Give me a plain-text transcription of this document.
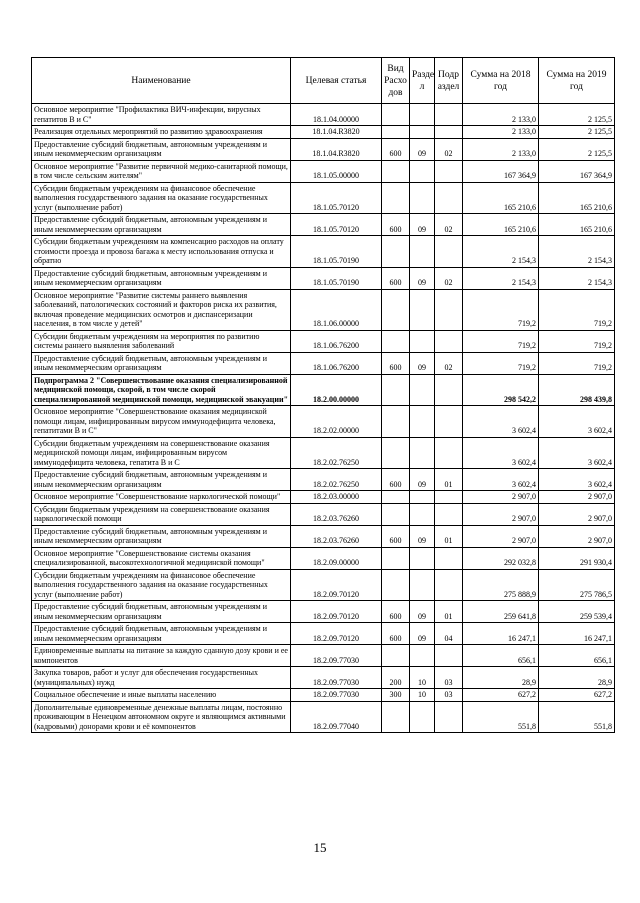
Наименование	Целевая статья	Вид Расхо дов	Разде л	Подр аздел	Сумма на 2018 год	Сумма на 2019 год
Основное мероприятие "Профилактика ВИЧ-инфекции, вирусных гепатитов В и С"	18.1.04.00000				2 133,0	2 125,5
Реализация отдельных мероприятий по развитию здравоохранения	18.1.04.R3820				2 133,0	2 125,5
Предоставление субсидий бюджетным, автономным учреждениям и иным некоммерческим организациям	18.1.04.R3820	600	09	02	2 133,0	2 125,5
Основное мероприятие "Развитие первичной медико-санитарной помощи, в том числе сельским жителям"	18.1.05.00000				167 364,9	167 364,9
Субсидии бюджетным учреждениям на финансовое обеспечение выполнения государственного задания на оказание государственных услуг (выполнение работ)	18.1.05.70120				165 210,6	165 210,6
Предоставление субсидий бюджетным, автономным учреждениям и иным некоммерческим организациям	18.1.05.70120	600	09	02	165 210,6	165 210,6
Субсидии бюджетным учреждениям на компенсацию расходов на оплату стоимости проезда и провоза багажа к месту использования отпуска и обратно	18.1.05.70190				2 154,3	2 154,3
Предоставление субсидий бюджетным, автономным учреждениям и иным некоммерческим организациям	18.1.05.70190	600	09	02	2 154,3	2 154,3
Основное мероприятие "Развитие системы раннего выявления заболеваний, патологических состояний и факторов риска их развития, включая проведение медицинских осмотров и диспансеризации населения, в том числе у детей"	18.1.06.00000				719,2	719,2
Субсидии бюджетным учреждениям на мероприятия по развитию системы раннего выявления заболеваний	18.1.06.76200				719,2	719,2
Предоставление субсидий бюджетным, автономным учреждениям и иным некоммерческим организациям	18.1.06.76200	600	09	02	719,2	719,2
Подпрограмма 2 "Совершенствование оказания специализированной медицинской помощи, скорой, в том числе скорой специализированной медицинской помощи, медицинской эвакуации"	18.2.00.00000				298 542,2	298 439,8
Основное мероприятие "Совершенствование оказания медицинской помощи лицам, инфицированным вирусом иммунодефицита человека, гепатитами В и С"	18.2.02.00000				3 602,4	3 602,4
Субсидии бюджетным учреждениям на совершенствование оказания медицинской помощи лицам, инфицированным вирусом иммунодефицита человека, гепатита В и С	18.2.02.76250				3 602,4	3 602,4
Предоставление субсидий бюджетным, автономным учреждениям и иным некоммерческим организациям	18.2.02.76250	600	09	01	3 602,4	3 602,4
Основное мероприятие "Совершенствование наркологической помощи"	18.2.03.00000				2 907,0	2 907,0
Субсидии бюджетным учреждениям на совершенствование оказания наркологической помощи	18.2.03.76260				2 907,0	2 907,0
Предоставление субсидий бюджетным, автономным учреждениям и иным некоммерческим организациям	18.2.03.76260	600	09	01	2 907,0	2 907,0
Основное мероприятие "Совершенствование системы оказания специализированной, высокотехнологичной медицинской помощи"	18.2.09.00000				292 032,8	291 930,4
Субсидии бюджетным учреждениям на финансовое обеспечение выполнения государственного задания на оказание государственных услуг (выполнение работ)	18.2.09.70120				275 888,9	275 786,5
Предоставление субсидий бюджетным, автономным учреждениям и иным некоммерческим организациям	18.2.09.70120	600	09	01	259 641,8	259 539,4
Предоставление субсидий бюджетным, автономным учреждениям и иным некоммерческим организациям	18.2.09.70120	600	09	04	16 247,1	16 247,1
Единовременные выплаты на питание за каждую сданную дозу крови и ее компонентов	18.2.09.77030				656,1	656,1
Закупка товаров, работ и услуг для обеспечения государственных (муниципальных) нужд	18.2.09.77030	200	10	03	28,9	28,9
Социальное обеспечение и иные выплаты населению	18.2.09.77030	300	10	03	627,2	627,2
Дополнительные единовременные денежные выплаты лицам, постоянно проживающим в Ненецком автономном округе и являющимся активными (кадровыми) донорами крови и её компонентов	18.2.09.77040				551,8	551,8
15
